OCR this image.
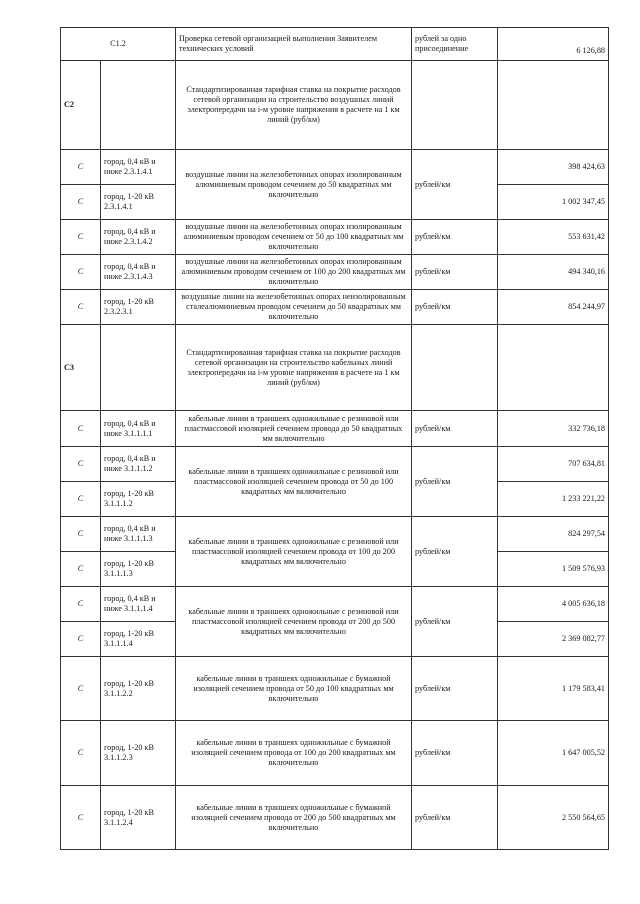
С1.2		Проверка сетевой организацией выполнения Заявителем технических условий	рублей за одно присоединение	6 126,88
С2		Стандартизированная тарифная ставка на покрытие расходов сетевой организации на строительство воздушных линий электропередачи на i-м уровне напряжения в расчете на 1 км линий (руб/км)		
C	город, 0,4 кВ и ниже 2.3.1.4.1	воздушные линии на железобетонных опорах изолированным алюминиевым проводом сечением до 50 квадратных мм включительно	рублей/км	398 424,63
C	город, 1-20 кВ 2.3.1.4.1			1 002 347,45
C	город, 0,4 кВ и ниже 2.3.1.4.2	воздушные линии на железобетонных опорах изолированным алюминиевым проводом сечением от 50 до 100 квадратных мм включительно	рублей/км	553 631,42
C	город, 0,4 кВ и ниже 2.3.1.4.3	воздушные линии на железобетонных опорах изолированным алюминиевым проводом сечением от 100 до 200 квадратных мм включительно	рублей/км	494 340,16
C	город, 1-20 кВ 2.3.2.3.1	воздушные линии на железобетонных опорах неизолированным сталеалюминиевым проводом сечением до 50 квадратных мм включительно	рублей/км	854 244,97
С3		Стандартизированная тарифная ставка на покрытие расходов сетевой организации на строительство кабельных линий электропередачи на i-м уровне напряжения в расчете на 1 км линий (руб/км)		
C	город, 0,4 кВ и ниже 3.1.1.1.1	кабельные линии в траншеях одножильные с резиновой или пластмассовой изоляцией сечением провода до 50 квадратных мм включительно	рублей/км	332 736,18
C	город, 0,4 кВ и ниже 3.1.1.1.2	кабельные линии в траншеях одножильные с резиновой или пластмассовой изоляцией сечением провода от 50 до 100 квадратных мм включительно	рублей/км	707 634,81
C	город, 1-20 кВ 3.1.1.1.2			1 233 221,22
C	город, 0,4 кВ и ниже 3.1.1.1.3	кабельные линии в траншеях одножильные с резиновой или пластмассовой изоляцией сечением провода от 100 до 200 квадратных мм включительно	рублей/км	824 297,54
C	город, 1-20 кВ 3.1.1.1.3			1 509 576,93
C	город, 0,4 кВ и ниже 3.1.1.1.4	кабельные линии в траншеях одножильные с резиновой или пластмассовой изоляцией сечением провода от 200 до 500 квадратных мм включительно	рублей/км	4 005 636,18
C	город, 1-20 кВ 3.1.1.1.4			2 369 082,77
C	город, 1-20 кВ 3.1.1.2.2	кабельные линии в траншеях одножильные с бумажной изоляцией сечением провода от 50 до 100 квадратных мм включительно	рублей/км	1 179 583,41
C	город, 1-20 кВ 3.1.1.2.3	кабельные линии в траншеях одножильные с бумажной изоляцией сечением провода от 100 до 200 квадратных мм включительно	рублей/км	1 647 005,52
C	город, 1-20 кВ 3.1.1.2.4	кабельные линии в траншеях одножильные с бумажной изоляцией сечением провода от 200 до 500 квадратных мм включительно	рублей/км	2 550 564,65
